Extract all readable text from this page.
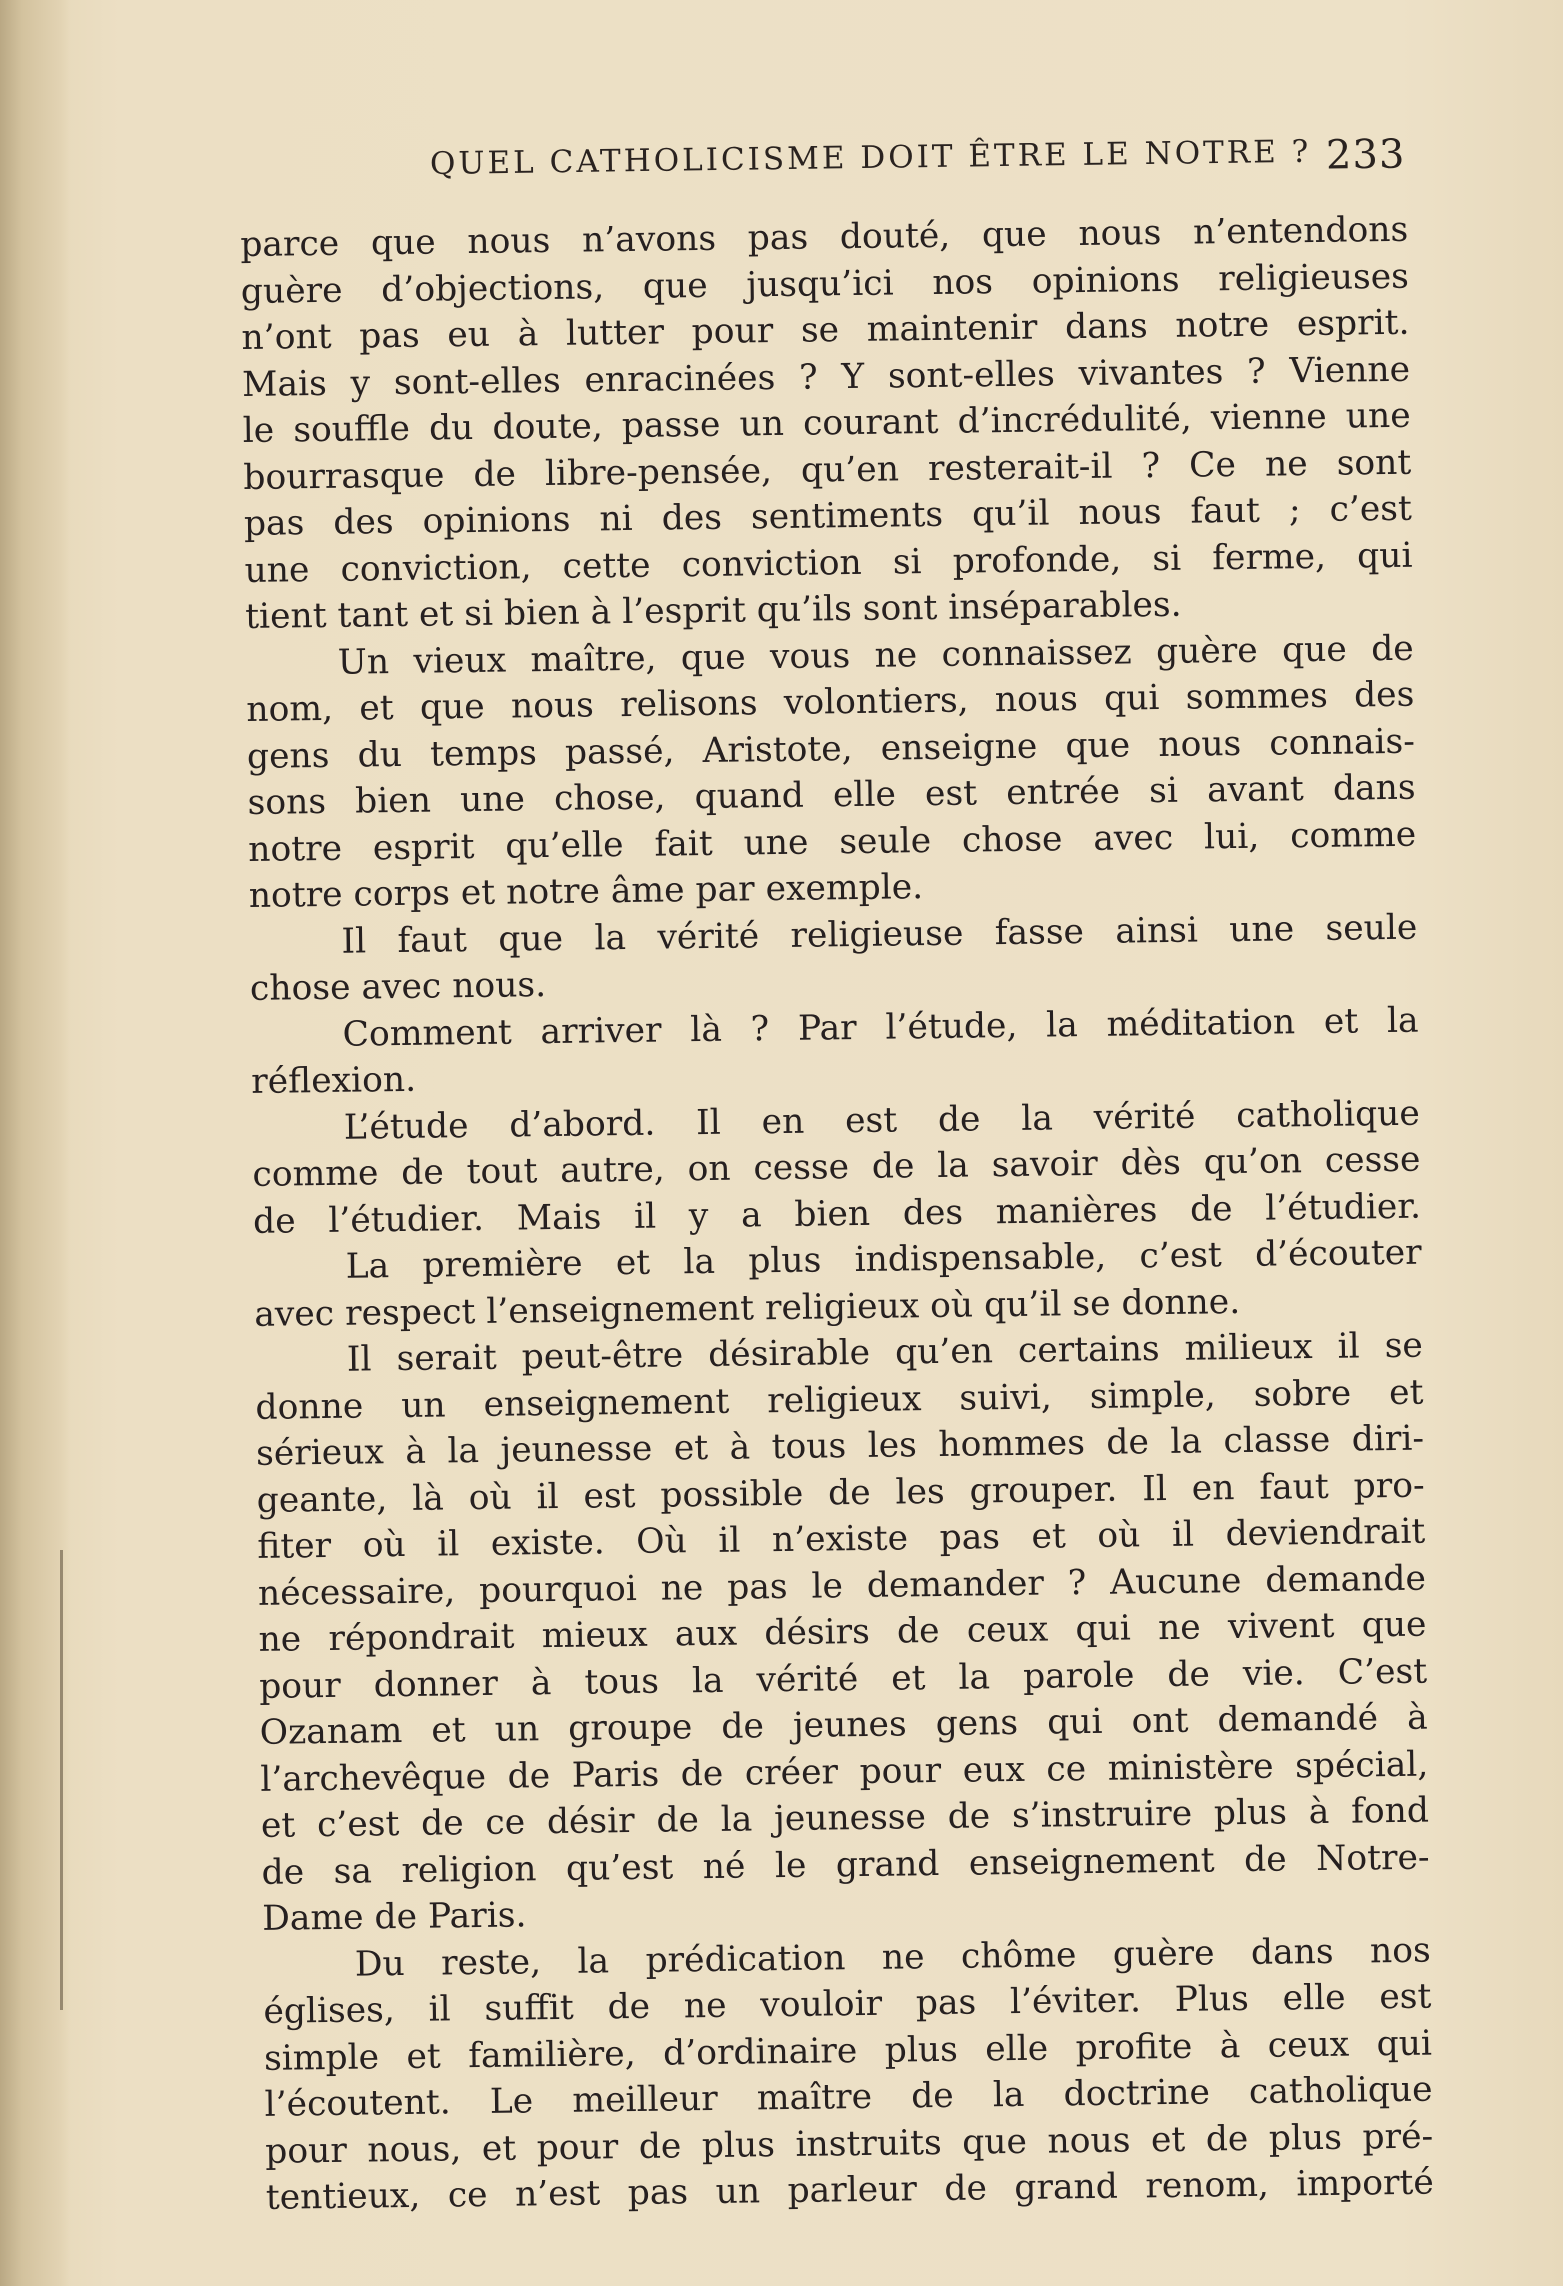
QUEL CATHOLICISME DOIT ÊTRE LE NOTRE ? 233
parce que nous n’avons pas douté, que nous n’entendons
guère d’objections, que jusqu’ici nos opinions religieuses
n’ont pas eu à lutter pour se maintenir dans notre esprit.
Mais y sont-elles enracinées ? Y sont-elles vivantes ? Vienne
le souffle du doute, passe un courant d’incrédulité, vienne une
bourrasque de libre-pensée, qu’en resterait-il ? Ce ne sont
pas des opinions ni des sentiments qu’il nous faut ; c’est
une conviction, cette conviction si profonde, si ferme, qui
tient tant et si bien à l’esprit qu’ils sont inséparables.
Un vieux maître, que vous ne connaissez guère que de
nom, et que nous relisons volontiers, nous qui sommes des
gens du temps passé, Aristote, enseigne que nous connais-
sons bien une chose, quand elle est entrée si avant dans
notre esprit qu’elle fait une seule chose avec lui, comme
notre corps et notre âme par exemple.
Il faut que la vérité religieuse fasse ainsi une seule
chose avec nous.
Comment arriver là ? Par l’étude, la méditation et la
réflexion.
L’étude d’abord. Il en est de la vérité catholique
comme de tout autre, on cesse de la savoir dès qu’on cesse
de l’étudier. Mais il y a bien des manières de l’étudier.
La première et la plus indispensable, c’est d’écouter
avec respect l’enseignement religieux où qu’il se donne.
Il serait peut-être désirable qu’en certains milieux il se
donne un enseignement religieux suivi, simple, sobre et
sérieux à la jeunesse et à tous les hommes de la classe diri-
geante, là où il est possible de les grouper. Il en faut pro-
fiter où il existe. Où il n’existe pas et où il deviendrait
nécessaire, pourquoi ne pas le demander ? Aucune demande
ne répondrait mieux aux désirs de ceux qui ne vivent que
pour donner à tous la vérité et la parole de vie. C’est
Ozanam et un groupe de jeunes gens qui ont demandé à
l’archevêque de Paris de créer pour eux ce ministère spécial,
et c’est de ce désir de la jeunesse de s’instruire plus à fond
de sa religion qu’est né le grand enseignement de Notre-
Dame de Paris.
Du reste, la prédication ne chôme guère dans nos
églises, il suffit de ne vouloir pas l’éviter. Plus elle est
simple et familière, d’ordinaire plus elle profite à ceux qui
l’écoutent. Le meilleur maître de la doctrine catholique
pour nous, et pour de plus instruits que nous et de plus pré-
tentieux, ce n’est pas un parleur de grand renom, importé
